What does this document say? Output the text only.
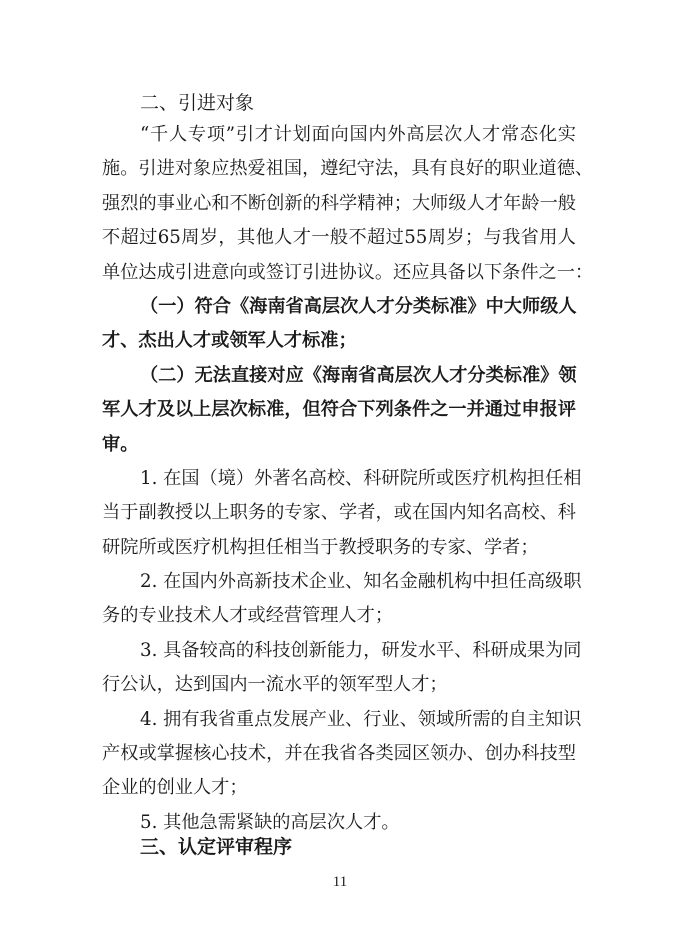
二、引进对象
“千人专项”引才计划面向国内外高层次人才常态化实
施。引进对象应热爱祖国，遵纪守法，具有良好的职业道德、
强烈的事业心和不断创新的科学精神；大师级人才年龄一般
不超过65周岁，其他人才一般不超过55周岁；与我省用人
单位达成引进意向或签订引进协议。还应具备以下条件之一：
（一）符合《海南省高层次人才分类标准》中大师级人
才、杰出人才或领军人才标准；
（二）无法直接对应《海南省高层次人才分类标准》领
军人才及以上层次标准，但符合下列条件之一并通过申报评
审。
1. 在国（境）外著名高校、科研院所或医疗机构担任相
当于副教授以上职务的专家、学者，或在国内知名高校、科
研院所或医疗机构担任相当于教授职务的专家、学者；
2. 在国内外高新技术企业、知名金融机构中担任高级职
务的专业技术人才或经营管理人才；
3. 具备较高的科技创新能力，研发水平、科研成果为同
行公认，达到国内一流水平的领军型人才；
4. 拥有我省重点发展产业、行业、领域所需的自主知识
产权或掌握核心技术，并在我省各类园区领办、创办科技型
企业的创业人才；
5. 其他急需紧缺的高层次人才。
三、认定评审程序
11
